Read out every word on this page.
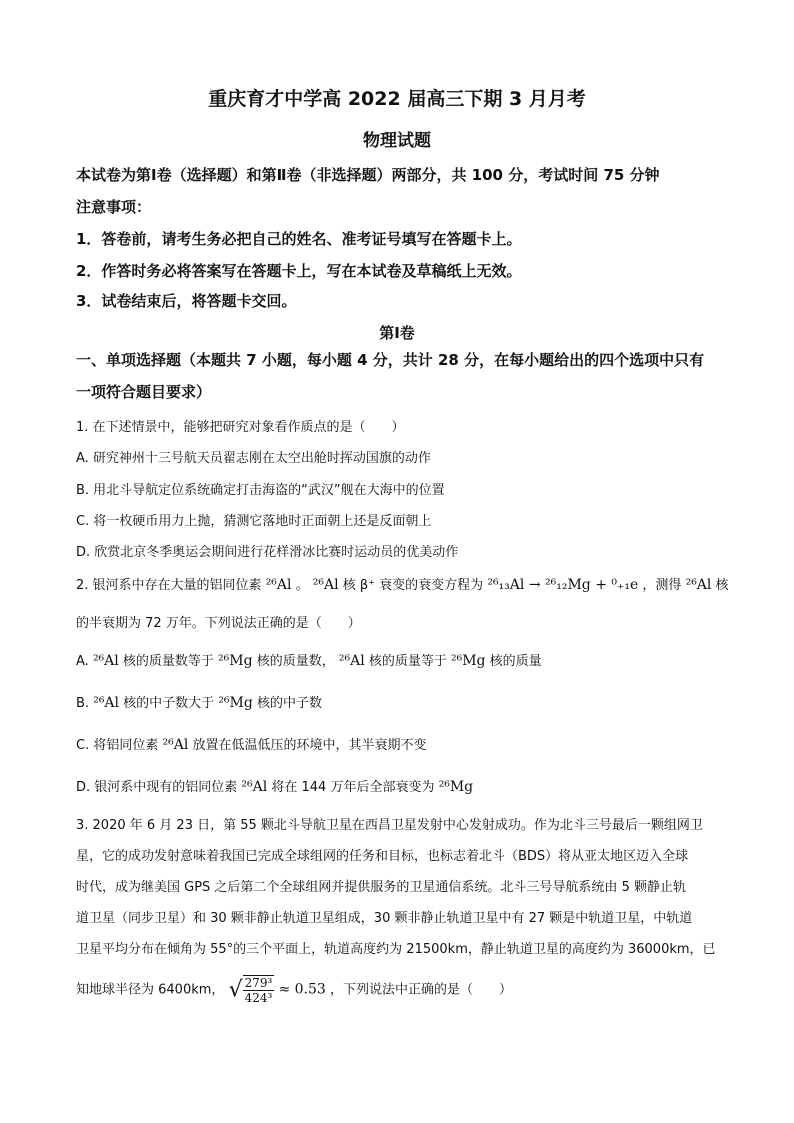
重庆育才中学高 2022 届高三下期 3 月月考
物理试题
本试卷为第Ⅰ卷（选择题）和第Ⅱ卷（非选择题）两部分，共 100 分，考试时间 75 分钟
注意事项：
1．答卷前，请考生务必把自己的姓名、准考证号填写在答题卡上。
2．作答时务必将答案写在答题卡上，写在本试卷及草稿纸上无效。
3．试卷结束后，将答题卡交回。
第Ⅰ卷
一、单项选择题（本题共 7 小题，每小题 4 分，共计 28 分，在每小题给出的四个选项中只有
一项符合题目要求）
1. 在下述情景中，能够把研究对象看作质点的是（　　）
A. 研究神州十三号航天员翟志刚在太空出舱时挥动国旗的动作
B. 用北斗导航定位系统确定打击海盗的“武汉”舰在大海中的位置
C. 将一枚硬币用力上抛，猜测它落地时正面朝上还是反面朝上
D. 欣赏北京冬季奥运会期间进行花样滑冰比赛时运动员的优美动作
2. 银河系中存在大量的铝同位素 ²⁶Al 。 ²⁶Al 核 β⁺ 衰变的衰变方程为 ²⁶₁₃Al → ²⁶₁₂Mg + ⁰₊₁e ，测得 ²⁶Al 核
的半衰期为 72 万年。下列说法正确的是（　　）
A. ²⁶Al 核的质量数等于 ²⁶Mg 核的质量数， ²⁶Al 核的质量等于 ²⁶Mg 核的质量
B. ²⁶Al 核的中子数大于 ²⁶Mg 核的中子数
C. 将铝同位素 ²⁶Al 放置在低温低压的环境中，其半衰期不变
D. 银河系中现有的铝同位素 ²⁶Al 将在 144 万年后全部衰变为 ²⁶Mg
3. 2020 年 6 月 23 日，第 55 颗北斗导航卫星在西昌卫星发射中心发射成功。作为北斗三号最后一颗组网卫
星，它的成功发射意味着我国已完成全球组网的任务和目标，也标志着北斗（BDS）将从亚太地区迈入全球
时代，成为继美国 GPS 之后第二个全球组网并提供服务的卫星通信系统。北斗三号导航系统由 5 颗静止轨
道卫星（同步卫星）和 30 颗非静止轨道卫星组成，30 颗非静止轨道卫星中有 27 颗是中轨道卫星，中轨道
卫星平均分布在倾角为 55°的三个平面上，轨道高度约为 21500km，静止轨道卫星的高度约为 36000km，已
知地球半径为 6400km， √ $\frac{\text{279³}}{\text{424³}} \approx 0.53$ ，下列说法中正确的是（　　）
